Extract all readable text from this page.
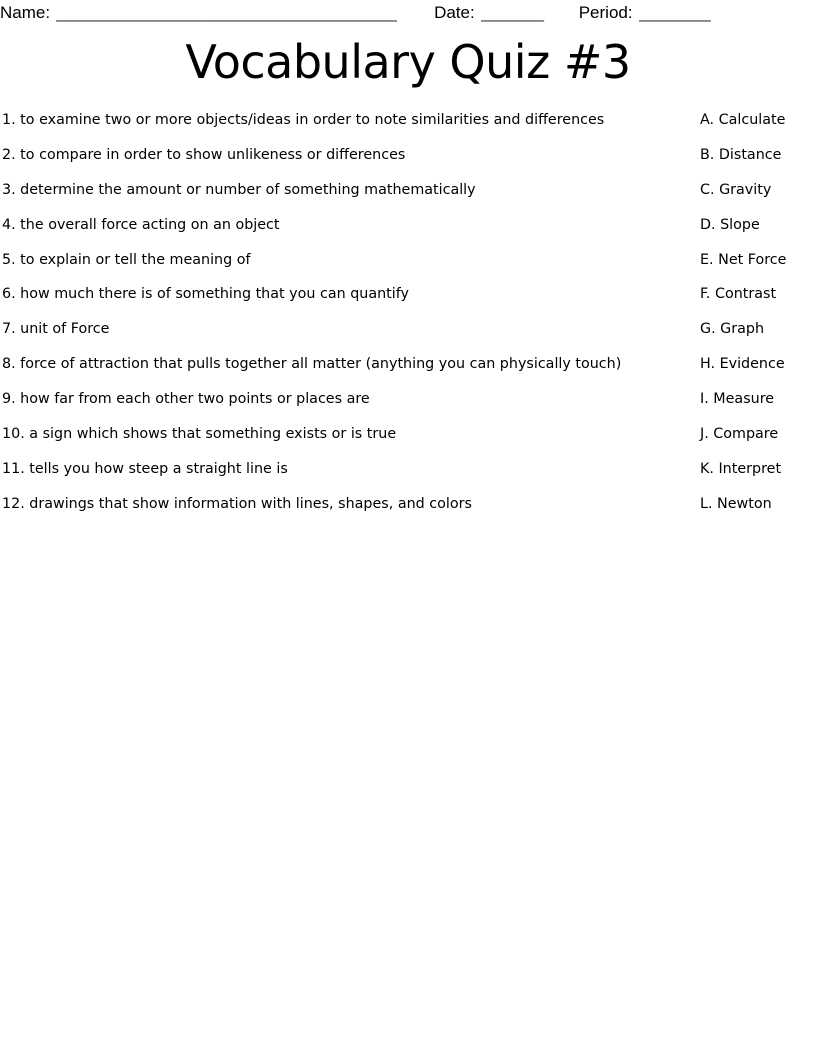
Name: ______________________________________	Date: _______	Period: ________
Vocabulary Quiz #3
1. to examine two or more objects/ideas in order to note similarities and differences	A. Calculate
2. to compare in order to show unlikeness or differences	B. Distance
3. determine the amount or number of something mathematically	C. Gravity
4. the overall force acting on an object	D. Slope
5. to explain or tell the meaning of	E. Net Force
6. how much there is of something that you can quantify	F. Contrast
7. unit of Force	G. Graph
8. force of attraction that pulls together all matter (anything you can physically touch)	H. Evidence
9. how far from each other two points or places are	I. Measure
10. a sign which shows that something exists or is true	J. Compare
11. tells you how steep a straight line is	K. Interpret
12. drawings that show information with lines, shapes, and colors	L. Newton
